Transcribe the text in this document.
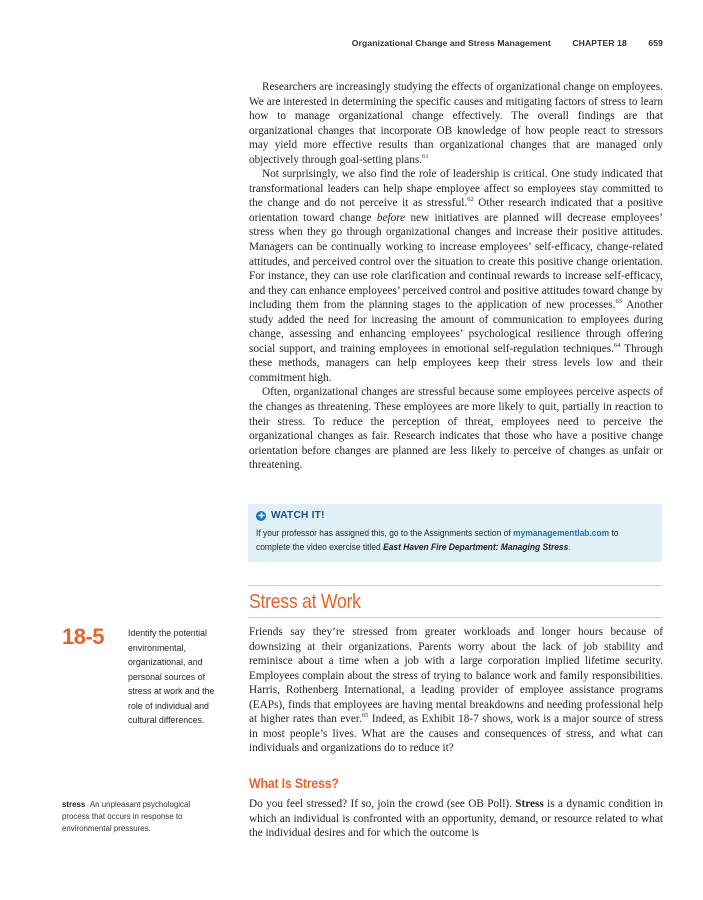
Organizational Change and Stress Management	CHAPTER 18	659

Researchers are increasingly studying the effects of organizational change on employees. We are interested in determining the specific causes and mitigating factors of stress to learn how to manage organizational change effectively. The overall findings are that organizational changes that incorporate OB knowledge of how people react to stressors may yield more effective results than organizational changes that are managed only objectively through goal-setting plans.$^{61}$

Not surprisingly, we also find the role of leadership is critical. One study indicated that transformational leaders can help shape employee affect so employees stay committed to the change and do not perceive it as stressful.$^{62}$ Other research indicated that a positive orientation toward change before new initiatives are planned will decrease employees’ stress when they go through organizational changes and increase their positive attitudes. Managers can be continually working to increase employees’ self-efficacy, change-related attitudes, and perceived control over the situation to create this positive change orientation. For instance, they can use role clarification and continual rewards to increase self-efficacy, and they can enhance employees’ perceived control and positive attitudes toward change by including them from the planning stages to the application of new processes.$^{63}$ Another study added the need for increasing the amount of communication to employees during change, assessing and enhancing employees’ psychological resilience through offering social support, and training employees in emotional self-regulation techniques.$^{64}$ Through these methods, managers can help employees keep their stress levels low and their commitment high.

Often, organizational changes are stressful because some employees perceive aspects of the changes as threatening. These employees are more likely to quit, partially in reaction to their stress. To reduce the perception of threat, employees need to perceive the organizational changes as fair. Research indicates that those who have a positive change orientation before changes are planned are less likely to perceive of changes as unfair or threatening.

WATCH IT!
If your professor has assigned this, go to the Assignments section of mymanagementlab.com to complete the video exercise titled East Haven Fire Department: Managing Stress.
Stress at Work
18-5 Identify the potential environmental, organizational, and personal sources of stress at work and the role of individual and cultural differences.

Friends say they’re stressed from greater workloads and longer hours because of downsizing at their organizations. Parents worry about the lack of job stability and reminisce about a time when a job with a large corporation implied lifetime security. Employees complain about the stress of trying to balance work and family responsibilities. Harris, Rothenberg International, a leading provider of employee assistance programs (EAPs), finds that employees are having mental breakdowns and needing professional help at higher rates than ever.$^{65}$ Indeed, as Exhibit 18-7 shows, work is a major source of stress in most people’s lives. What are the causes and consequences of stress, and what can individuals and organizations do to reduce it?

What Is Stress?

Do you feel stressed? If so, join the crowd (see OB Poll). Stress is a dynamic condition in which an individual is confronted with an opportunity, demand, or resource related to what the individual desires and for which the outcome is

stress An unpleasant psychological process that occurs in response to environmental pressures.
